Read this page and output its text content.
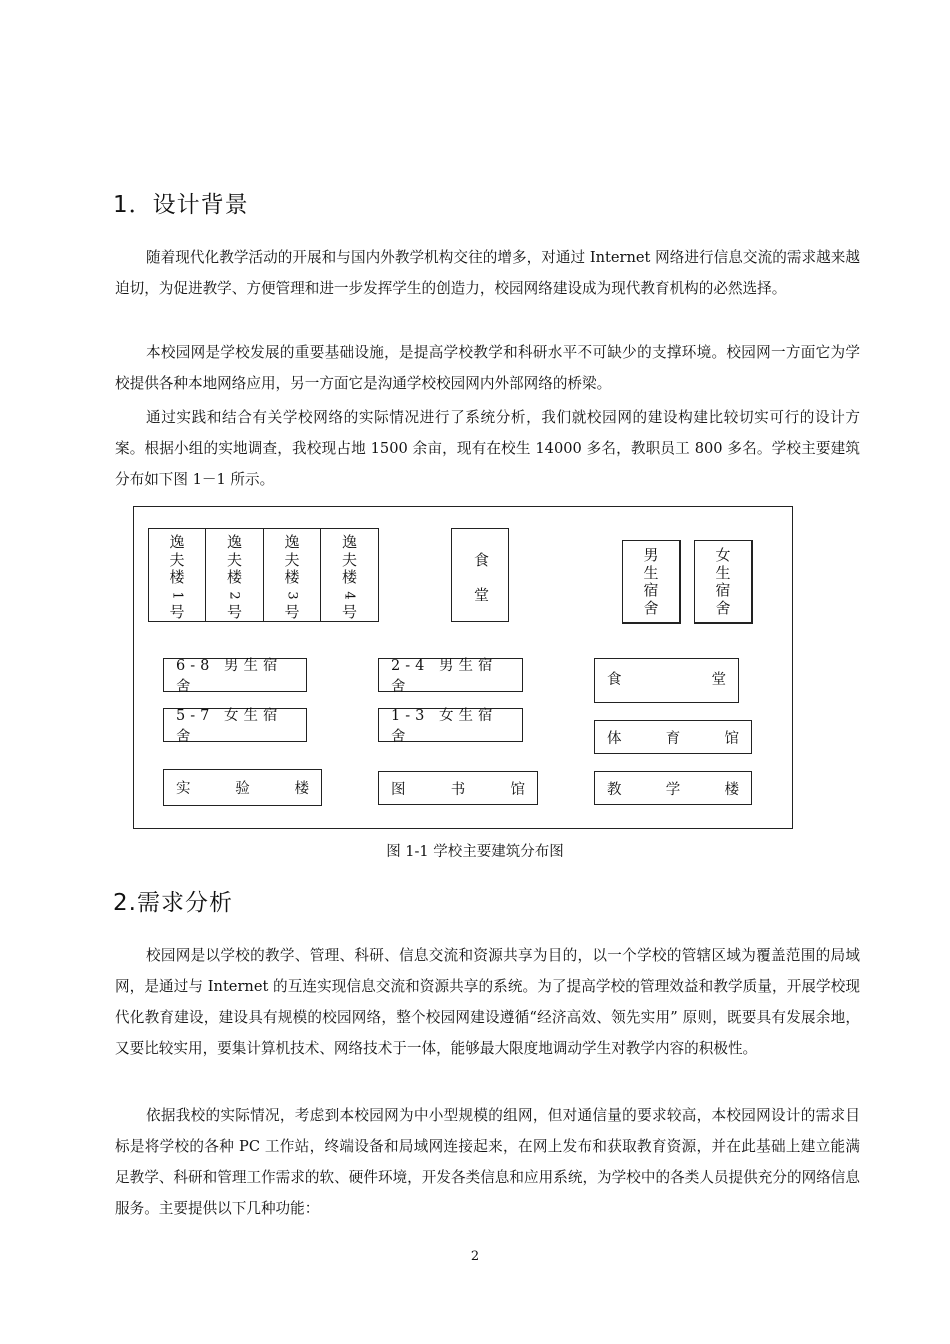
1．设计背景

随着现代化教学活动的开展和与国内外教学机构交往的增多，对通过 Internet 网络进行信息交流的需求越来越迫切，为促进教学、方便管理和进一步发挥学生的创造力，校园网络建设成为现代教育机构的必然选择。

本校园网是学校发展的重要基础设施，是提高学校教学和科研水平不可缺少的支撑环境。校园网一方面它为学校提供各种本地网络应用，另一方面它是沟通学校校园网内外部网络的桥梁。

通过实践和结合有关学校网络的实际情况进行了系统分析，我们就校园网的建设构建比较切实可行的设计方案。根据小组的实地调查，我校现占地 1500 余亩，现有在校生 14000 多名，教职员工 800 多名。学校主要建筑分布如下图 1－1 所示。

逸
夫
楼
1
号
逸
夫
楼
2
号
逸
夫
楼
3
号
逸
夫
楼
4
号
食
堂
男
生
宿
舍
女
生
宿
舍
6-8 男生宿舍
5-7 女生宿舍
2-4 男生宿舍
1-3 女生宿舍
食	堂
体	育	馆
实	验	楼	图	书	馆	教	学	楼
图 1-1 学校主要建筑分布图
2.需求分析

校园网是以学校的教学、管理、科研、信息交流和资源共享为目的，以一个学校的管辖区域为覆盖范围的局域网，是通过与 Internet 的互连实现信息交流和资源共享的系统。为了提高学校的管理效益和教学质量，开展学校现代化教育建设，建设具有规模的校园网络，整个校园网建设遵循“经济高效、领先实用” 原则，既要具有发展余地，又要比较实用，要集计算机技术、网络技术于一体，能够最大限度地调动学生对教学内容的积极性。

依据我校的实际情况，考虑到本校园网为中小型规模的组网，但对通信量的要求较高，本校园网设计的需求目标是将学校的各种 PC 工作站，终端设备和局域网连接起来，在网上发布和获取教育资源，并在此基础上建立能满足教学、科研和管理工作需求的软、硬件环境，开发各类信息和应用系统，为学校中的各类人员提供充分的网络信息服务。主要提供以下几种功能：

2
